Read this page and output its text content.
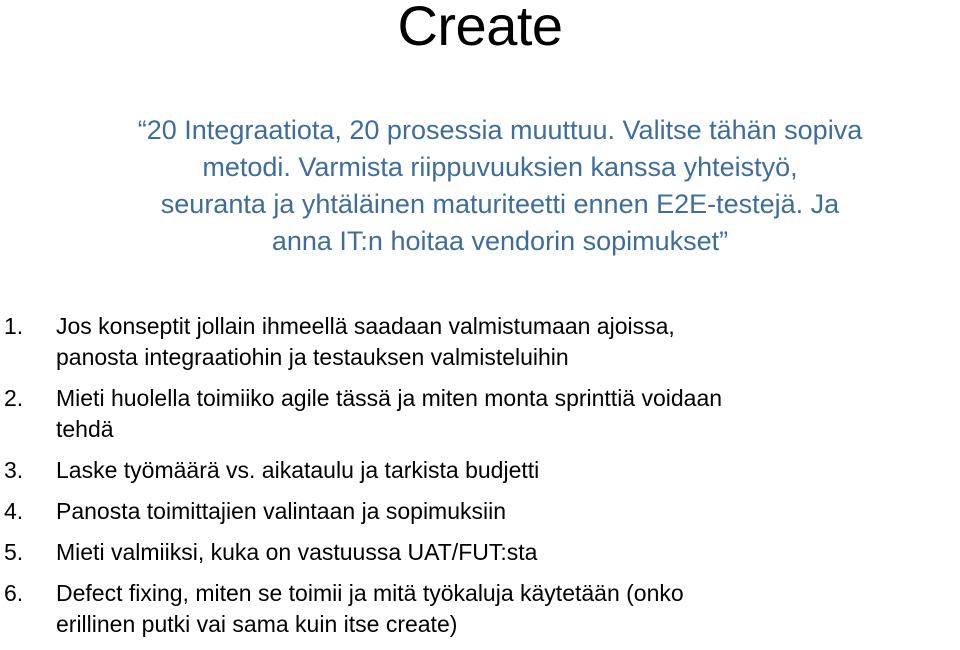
Create
“20 Integraatiota, 20 prosessia muuttuu. Valitse tähän sopiva
metodi. Varmista riippuvuuksien kanssa yhteistyö,
seuranta ja yhtäläinen maturiteetti ennen E2E-testejä. Ja
anna IT:n hoitaa vendorin sopimukset”
1. Jos konseptit jollain ihmeellä saadaan valmistumaan ajoissa,
panosta integraatiohin ja testauksen valmisteluihin
2. Mieti huolella toimiiko agile tässä ja miten monta sprinttiä voidaan
tehdä
3. Laske työmäärä vs. aikataulu ja tarkista budjetti
4. Panosta toimittajien valintaan ja sopimuksiin
5. Mieti valmiiksi, kuka on vastuussa UAT/FUT:sta
6. Defect fixing, miten se toimii ja mitä työkaluja käytetään (onko
erillinen putki vai sama kuin itse create)
